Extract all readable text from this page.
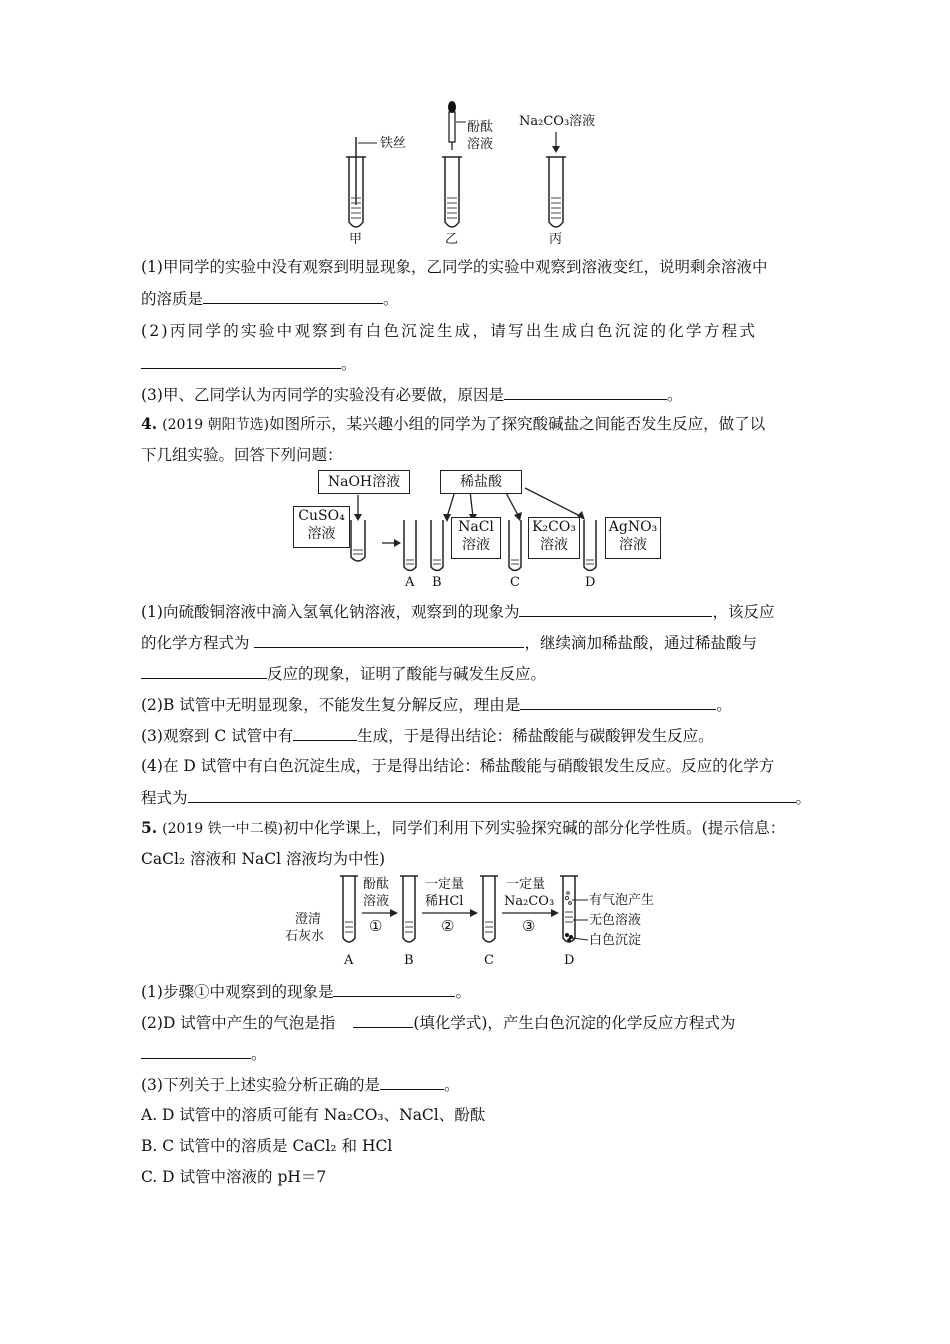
铁丝
酚酞
溶液
Na₂CO₃溶液
甲	乙	丙
(1)甲同学的实验中没有观察到明显现象，乙同学的实验中观察到溶液变红，说明剩余溶液中
的溶质是	。
(2)丙同学的实验中观察到有白色沉淀生成，请写出生成白色沉淀的化学方程式
。
(3)甲、乙同学认为丙同学的实验没有必要做，原因是	。
4. (2019 朝阳节选)如图所示，某兴趣小组的同学为了探究酸碱盐之间能否发生反应，做了以
下几组实验。回答下列问题：
NaOH溶液	稀盐酸
CuSO₄
溶液	NaCl
溶液
K₂CO₃
溶液
AgNO₃
溶液
A B	C	D
(1)向硫酸铜溶液中滴入氢氧化钠溶液，观察到的现象为	，该反应
的化学方程式为	，继续滴加稀盐酸，通过稀盐酸与
反应的现象，证明了酸能与碱发生反应。
(2)B 试管中无明显现象，不能发生复分解反应，理由是	。
(3)观察到 C 试管中有	生成，于是得出结论：稀盐酸能与碳酸钾发生反应。
(4)在 D 试管中有白色沉淀生成，于是得出结论：稀盐酸能与硝酸银发生反应。反应的化学方
程式为	。
5. (2019 铁一中二模)初中化学课上，同学们利用下列实验探究碱的部分化学性质。(提示信息：
CaCl₂ 溶液和 NaCl 溶液均为中性)
澄清
石灰水
酚酞
溶液
①
一定量
稀HCl
②
一定量
Na₂CO₃
③
有气泡产生
无色溶液
白色沉淀
A	B	C	D
(1)步骤①中观察到的现象是	。
(2)D 试管中产生的气泡是指	(填化学式)，产生白色沉淀的化学反应方程式为
。
(3)下列关于上述实验分析正确的是	。
A. D 试管中的溶质可能有 Na₂CO₃、NaCl、酚酞
B. C 试管中的溶质是 CaCl₂ 和 HCl
C. D 试管中溶液的 pH＝7
